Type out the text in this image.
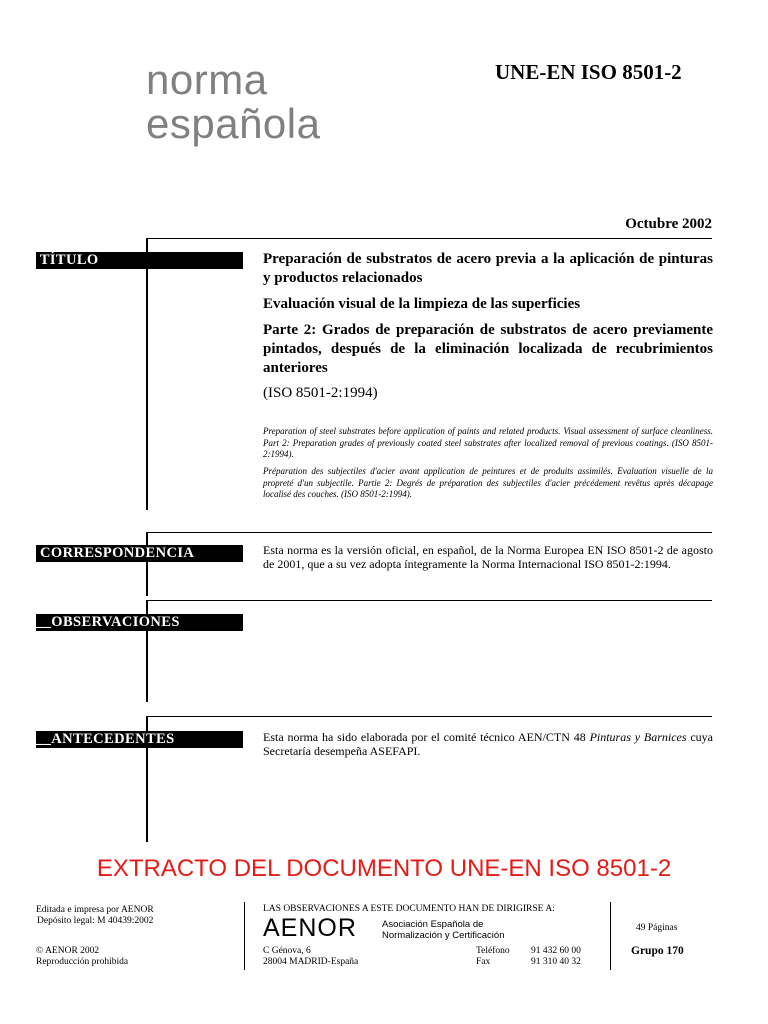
norma
española
UNE-EN ISO 8501-2
Octubre 2002
TÍTULO
CORRESPONDENCIA
__OBSERVACIONES
__ANTECEDENTES

Preparación de substratos de acero previa a la aplicación de pinturas y productos relacionados

Evaluación visual de la limpieza de las superficies

Parte 2: Grados de preparación de substratos de acero previamente pintados, después de la eliminación localizada de recubrimientos anteriores

(ISO 8501-2:1994)
Preparation of steel substrates before application of paints and related products. Visual assessment of surface cleanliness. Part 2: Preparation grades of previously coated steel substrates after localized removal of previous coatings. (ISO 8501-2:1994).
Préparation des subjectiles d'acier avant application de peintures et de produits assimilés. Evaluation visuelle de la propreté d'un subjectile. Partie 2: Degrés de préparation des subjectiles d'acier précédement revêtus après décapage localisé des couches. (ISO 8501-2:1994).
Esta norma es la versión oficial, en español, de la Norma Europea EN ISO 8501-2 de agosto de 2001, que a su vez adopta íntegramente la Norma Internacional ISO 8501-2:1994.
Esta norma ha sido elaborada por el comité técnico AEN/CTN 48 Pinturas y Barnices cuya Secretaría desempeña ASEFAPI.
EXTRACTO DEL DOCUMENTO UNE-EN ISO 8501-2
Editada e impresa por AENOR
Depósito legal: M 40439:2002
© AENOR 2002
Reproducción prohibida
LAS OBSERVACIONES A ESTE DOCUMENTO HAN DE DIRIGIRSE A:
AENOR	Asociación Española de
Normalización y Certificación
C Génova, 6
28004 MADRID-España
Teléfono
Fax
91 432 60 00
91 310 40 32
49 Páginas
Grupo 170
